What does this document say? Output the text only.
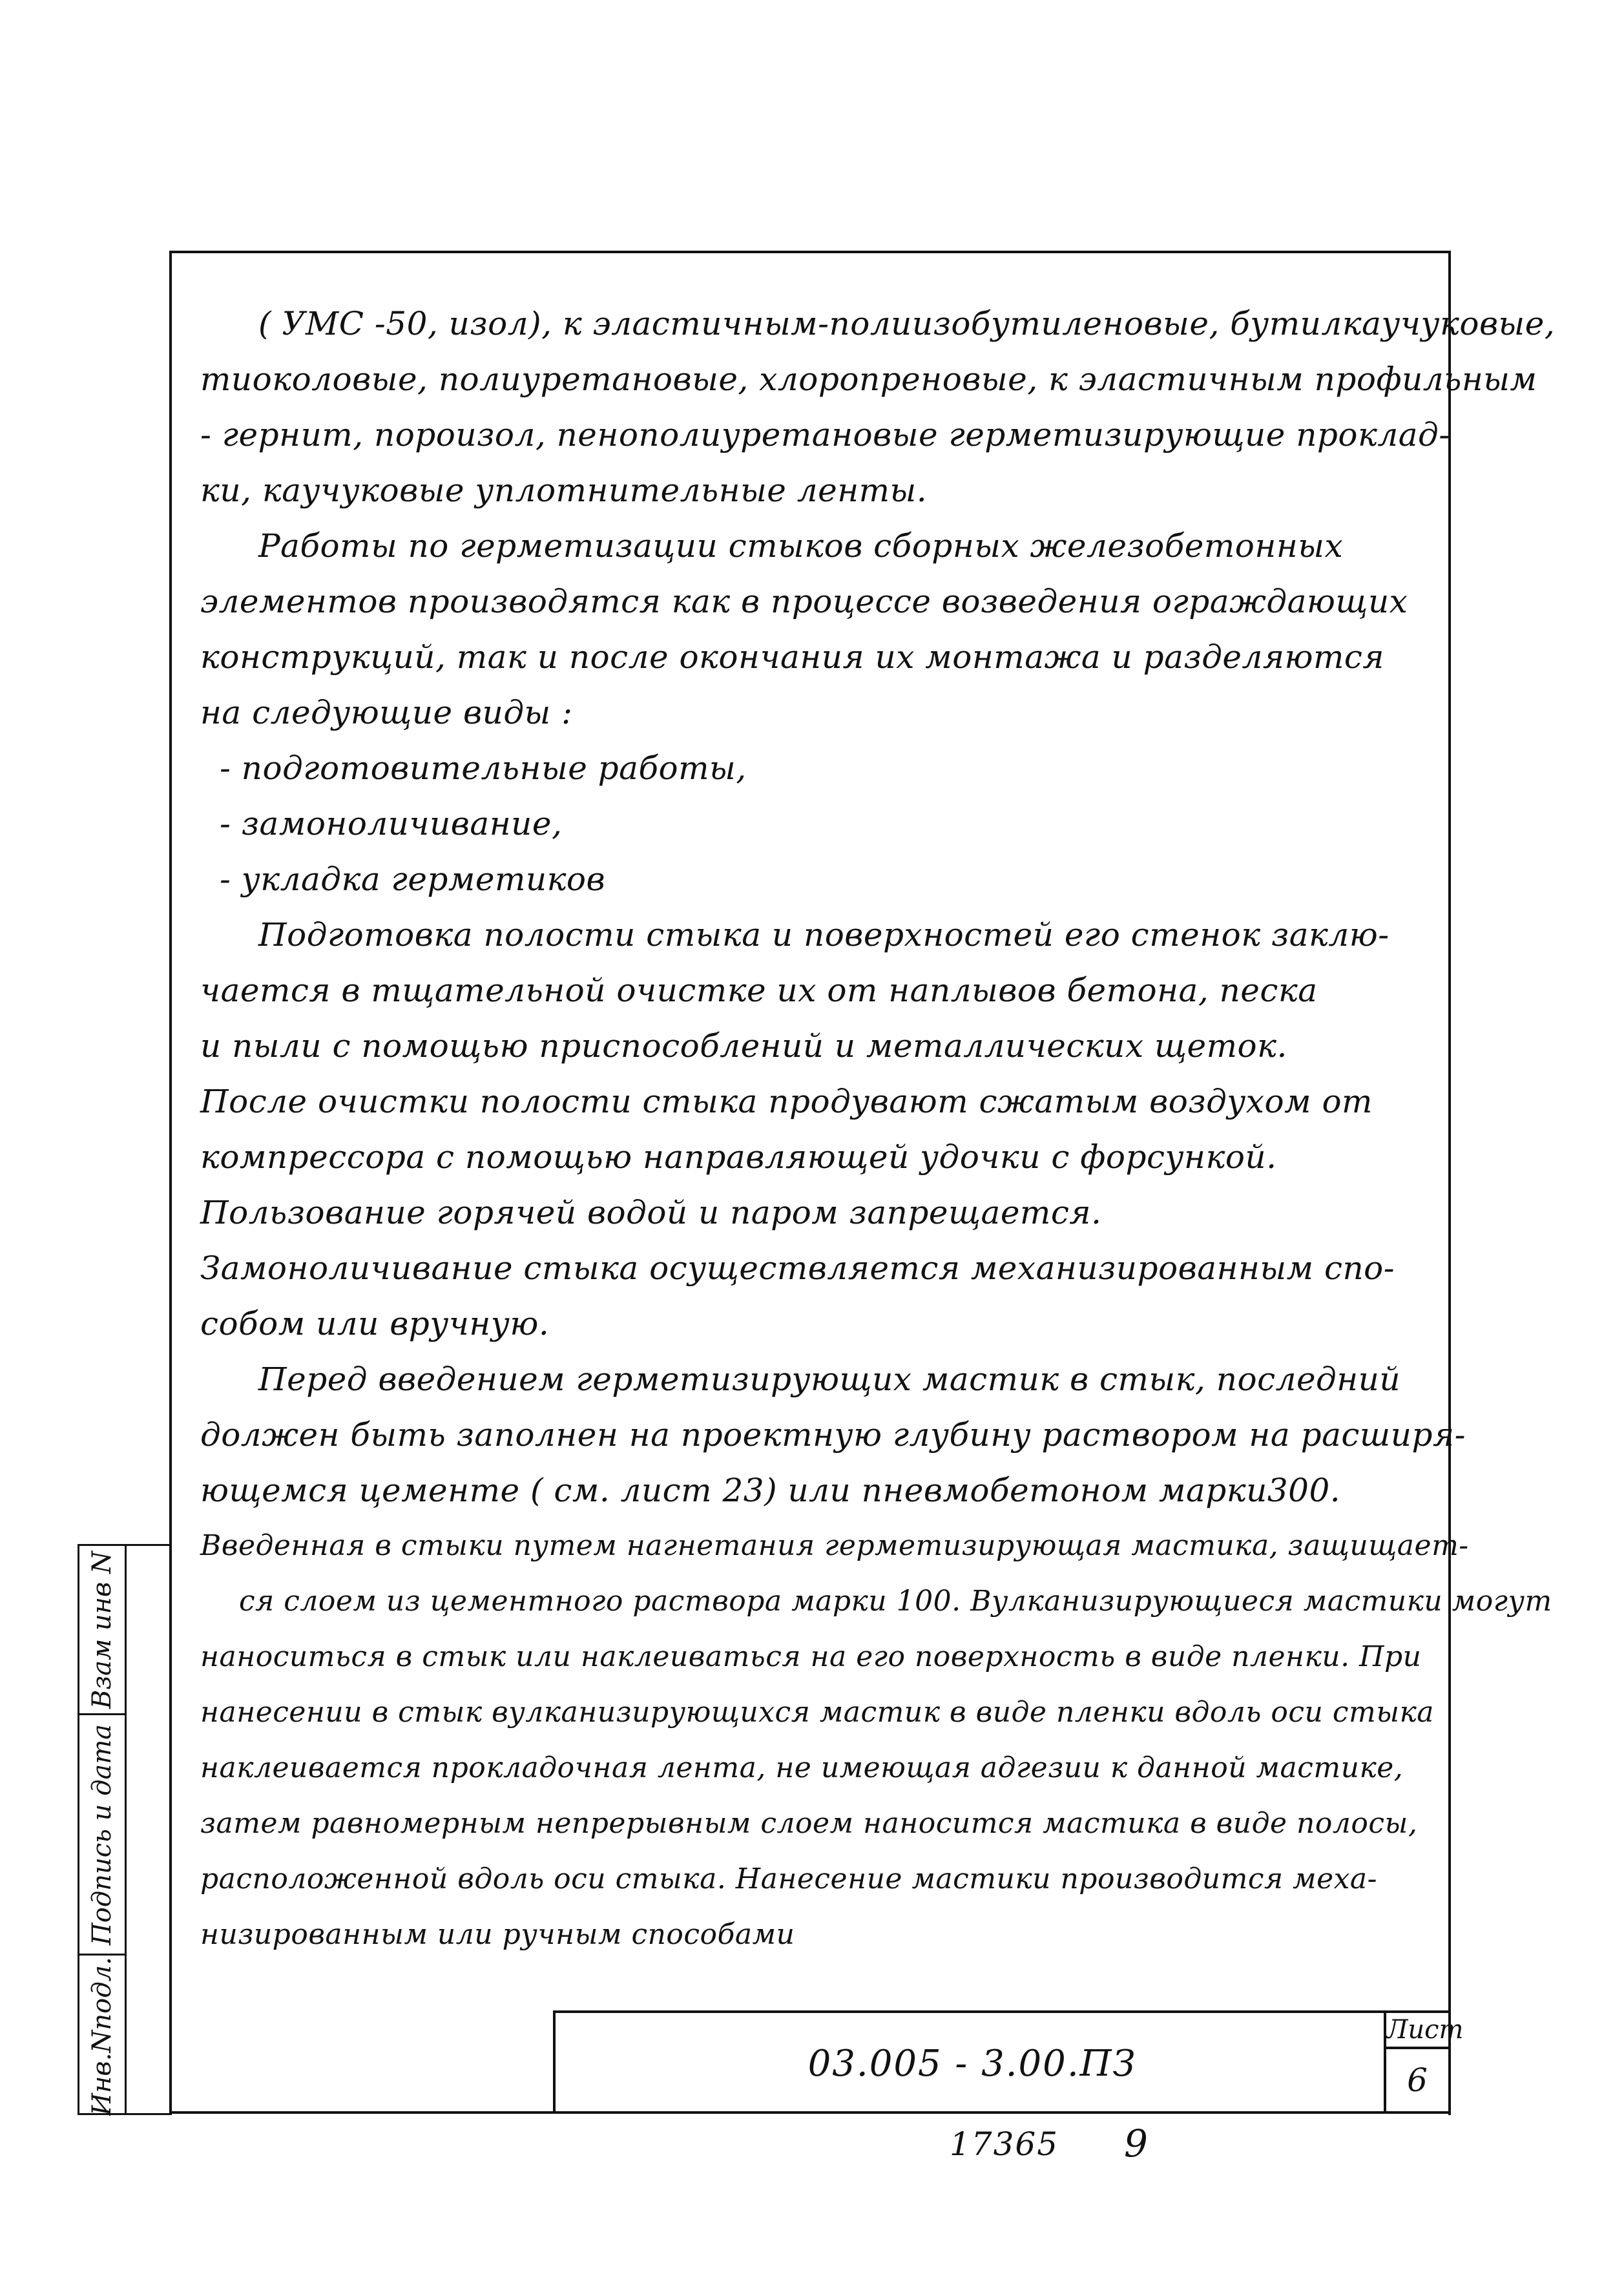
( УМС -50, изол), к эластичным-полиизобутиленовые, бутилкаучуковые,
тиоколовые, полиуретановые, хлоропреновые, к эластичным профильным
- гернит, пороизол, пенополиуретановые герметизирующие проклад-
ки, каучуковые уплотнительные ленты.
Работы по герметизации стыков сборных железобетонных
элементов производятся как в процессе возведения ограждающих
конструкций, так и после окончания их монтажа и разделяются
на следующие виды :
- подготовительные работы,
- замоноличивание,
- укладка герметиков
Подготовка полости стыка и поверхностей его стенок заклю-
чается в тщательной очистке их от наплывов бетона, песка
и пыли с помощью приспособлений и металлических щеток.
После очистки полости стыка продувают сжатым воздухом от
компрессора с помощью направляющей удочки с форсункой.
Пользование горячей водой и паром запрещается.
Замоноличивание стыка осуществляется механизированным спо-
собом или вручную.
Перед введением герметизирующих мастик в стык, последний
должен быть заполнен на проектную глубину раствором на расширя-
ющемся цементе ( см. лист 23) или пневмобетоном марки300.
Введенная в стыки путем нагнетания герметизирующая мастика, защищает-
ся слоем из цементного раствора марки 100. Вулканизирующиеся мастики могут
наноситься в стык или наклеиваться на его поверхность в виде пленки. При
нанесении в стык вулканизирующихся мастик в виде пленки вдоль оси стыка
наклеивается прокладочная лента, не имеющая адгезии к данной мастике,
затем равномерным непрерывным слоем наносится мастика в виде полосы,
расположенной вдоль оси стыка. Нанесение мастики производится меха-
низированным или ручным способами
Взам инв N
Подпись и дата
Инв.Nподл.	03.005 - 3.00.ПЗ
Лист
6
17365 9
